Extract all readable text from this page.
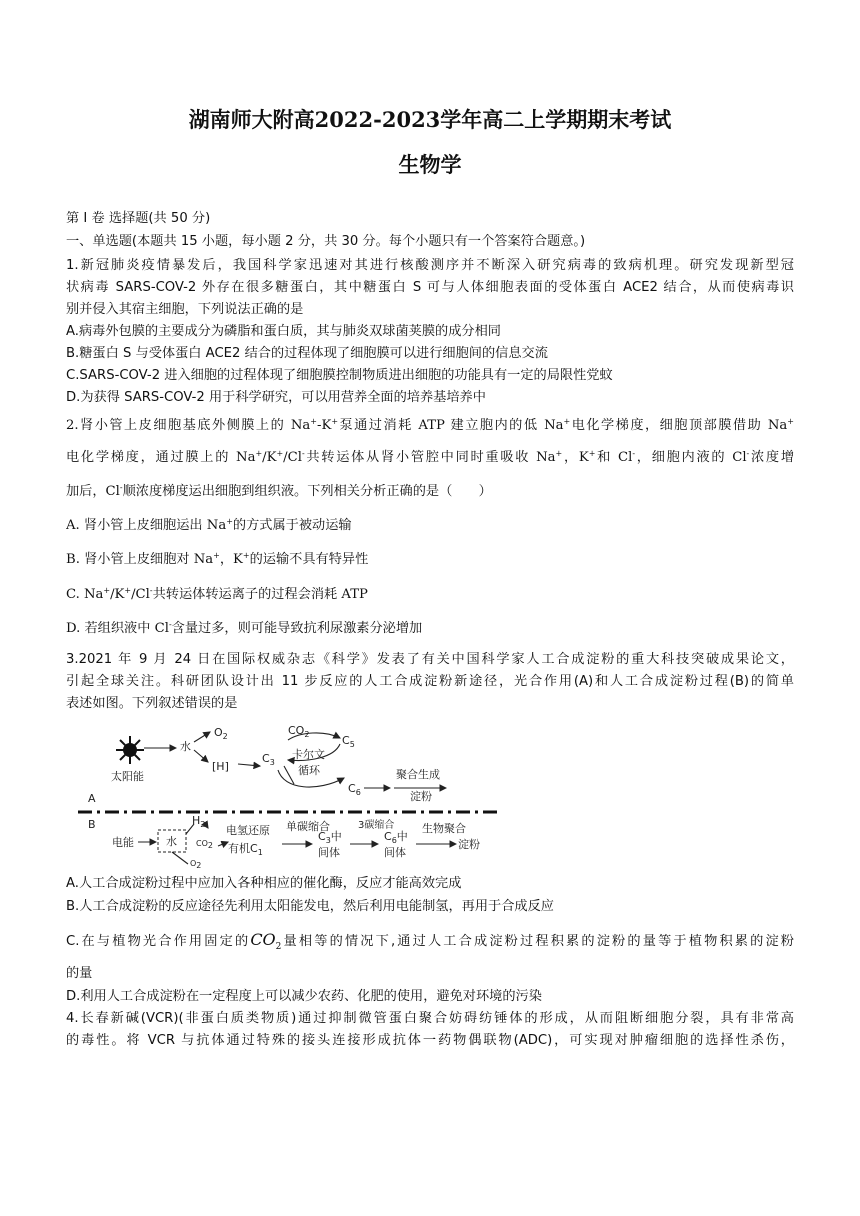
湖南师大附高2022-2023学年高二上学期期末考试
生物学
第 I 卷 选择题(共 50 分)
一、单选题(本题共 15 小题，每小题 2 分，共 30 分。每个小题只有一个答案符合题意。)
1.新冠肺炎疫情暴发后，我国科学家迅速对其进行核酸测序并不断深入研究病毒的致病机理。研究发现新型冠
状病毒 SARS-COV-2 外存在很多糖蛋白，其中糖蛋白 S 可与人体细胞表面的受体蛋白 ACE2 结合，从而使病毒识
别并侵入其宿主细胞，下列说法正确的是
A.病毒外包膜的主要成分为磷脂和蛋白质，其与肺炎双球菌荚膜的成分相同
B.糖蛋白 S 与受体蛋白 ACE2 结合的过程体现了细胞膜可以进行细胞间的信息交流
C.SARS-COV-2 进入细胞的过程体现了细胞膜控制物质进出细胞的功能具有一定的局限性党蚊
D.为获得 SARS-COV-2 用于科学研究，可以用营养全面的培养基培养中
2.肾小管上皮细胞基底外侧膜上的 Na+-K+泵通过消耗 ATP 建立胞内的低 Na+电化学梯度，细胞顶部膜借助 Na+
电化学梯度，通过膜上的 Na+/K+/Cl-共转运体从肾小管腔中同时重吸收 Na+，K+和 Cl-，细胞内液的 Cl-浓度增
加后，Cl-顺浓度梯度运出细胞到组织液。下列相关分析正确的是（　　）
A. 肾小管上皮细胞运出 Na+的方式属于被动运输
B. 肾小管上皮细胞对 Na+，K+的运输不具有特异性
C. Na+/K+/Cl-共转运体转运离子的过程会消耗 ATP
D. 若组织液中 Cl-含量过多，则可能导致抗利尿激素分泌增加
3.2021 年 9 月 24 日在国际权威杂志《科学》发表了有关中国科学家人工合成淀粉的重大科技突破成果论文，
引起全球关注。科研团队设计出 11 步反应的人工合成淀粉新途径，光合作用(A)和人工合成淀粉过程(B)的简单
表述如图。下列叙述错误的是
太阳能
A
B
水
$O_2$
[H]
$CO_2$
$C_3$
$C_5$
卡尔文
循环
$C_6$
聚合生成
淀粉
电能	水
$H_2$
CO2
O2
电氢还原
有机$C_1$
单碳缩合
$C_3$中
间体
3碳缩合
$C_6$中
间体
生物聚合
淀粉
A.人工合成淀粉过程中应加入各种相应的催化酶，反应才能高效完成
B.人工合成淀粉的反应途径先利用太阳能发电，然后利用电能制氢，再用于合成反应
C.在与植物光合作用固定的$CO_2$量相等的情况下,通过人工合成淀粉过程积累的淀粉的量等于植物积累的淀粉
的量
D.利用人工合成淀粉在一定程度上可以减少农药、化肥的使用，避免对环境的污染
4.长春新碱(VCR)(非蛋白质类物质)通过抑制微管蛋白聚合妨碍纺锤体的形成，从而阻断细胞分裂，具有非常高
的毒性。将 VCR 与抗体通过特殊的接头连接形成抗体一药物偶联物(ADC)，可实现对肿瘤细胞的选择性杀伤，
